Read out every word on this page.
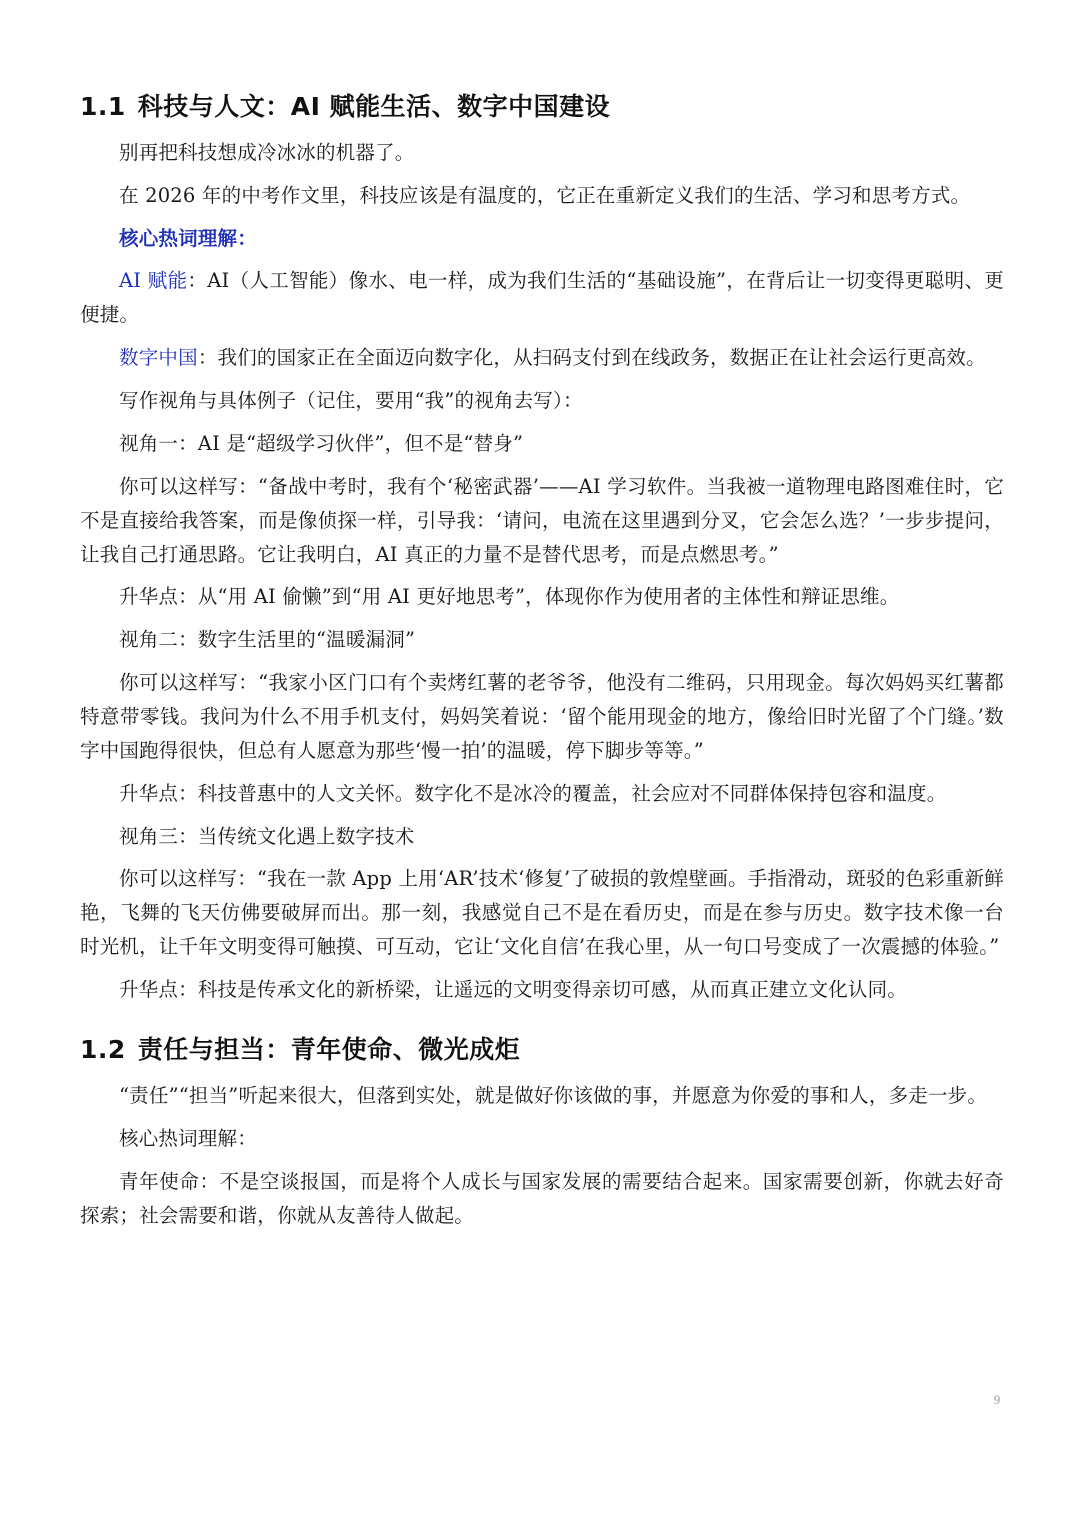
1.1 科技与人文：AI 赋能生活、数字中国建设

别再把科技想成冷冰冰的机器了。

在 2026 年的中考作文里，科技应该是有温度的，它正在重新定义我们的生活、学习和思考方式。

核心热词理解：

AI 赋能：AI（人工智能）像水、电一样，成为我们生活的“基础设施”，在背后让一切变得更聪明、更便捷。

数字中国：我们的国家正在全面迈向数字化，从扫码支付到在线政务，数据正在让社会运行更高效。

写作视角与具体例子（记住，要用“我”的视角去写）：

视角一：AI 是“超级学习伙伴”，但不是“替身”

你可以这样写：“备战中考时，我有个‘秘密武器’——AI 学习软件。当我被一道物理电路图难住时，它不是直接给我答案，而是像侦探一样，引导我：‘请问，电流在这里遇到分叉，它会怎么选？’一步步提问，让我自己打通思路。它让我明白，AI 真正的力量不是替代思考，而是点燃思考。”

升华点：从“用 AI 偷懒”到“用 AI 更好地思考”，体现你作为使用者的主体性和辩证思维。

视角二：数字生活里的“温暖漏洞”

你可以这样写：“我家小区门口有个卖烤红薯的老爷爷，他没有二维码，只用现金。每次妈妈买红薯都特意带零钱。我问为什么不用手机支付，妈妈笑着说：‘留个能用现金的地方，像给旧时光留了个门缝。’数字中国跑得很快，但总有人愿意为那些‘慢一拍’的温暖，停下脚步等等。”

升华点：科技普惠中的人文关怀。数字化不是冰冷的覆盖，社会应对不同群体保持包容和温度。

视角三：当传统文化遇上数字技术

你可以这样写：“我在一款 App 上用‘AR’技术‘修复’了破损的敦煌壁画。手指滑动，斑驳的色彩重新鲜艳，飞舞的飞天仿佛要破屏而出。那一刻，我感觉自己不是在看历史，而是在参与历史。数字技术像一台时光机，让千年文明变得可触摸、可互动，它让‘文化自信’在我心里，从一句口号变成了一次震撼的体验。”

升华点：科技是传承文化的新桥梁，让遥远的文明变得亲切可感，从而真正建立文化认同。

1.2 责任与担当：青年使命、微光成炬

“责任”“担当”听起来很大，但落到实处，就是做好你该做的事，并愿意为你爱的事和人，多走一步。

核心热词理解：

青年使命：不是空谈报国，而是将个人成长与国家发展的需要结合起来。国家需要创新，你就去好奇探索；社会需要和谐，你就从友善待人做起。

9
